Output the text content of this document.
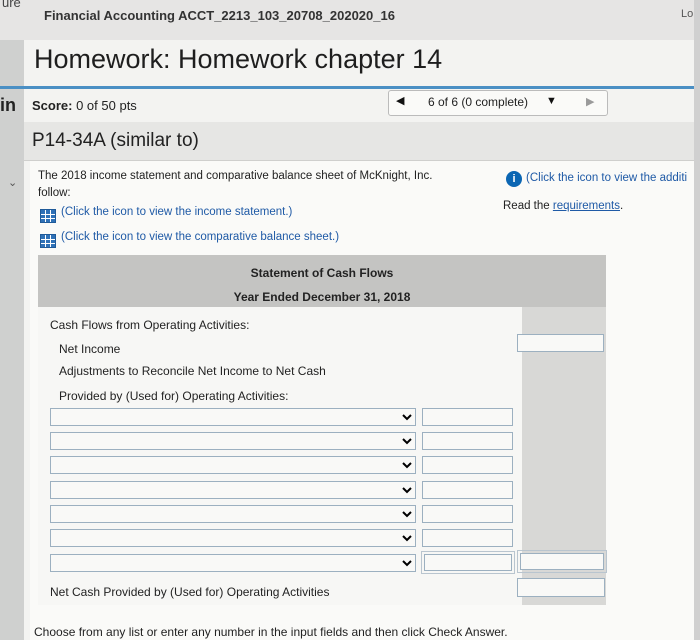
ure
Lo
Financial Accounting ACCT_2213_103_20708_202020_16
Homework: Homework chapter 14
in Score: 0 of 50 pts	◀ 6 of 6 (0 complete) ▼	▶
P14-34A (similar to)
⌄
The 2018 income statement and comparative balance sheet of McKnight, Inc.
follow:
(Click the icon to view the income statement.)
(Click the icon to view the comparative balance sheet.)
i (Click the icon to view the additi
Read the requirements.
Statement of Cash Flows
Year Ended December 31, 2018
Cash Flows from Operating Activities:
Net Income
Adjustments to Reconcile Net Income to Net Cash
Provided by (Used for) Operating Activities:
Net Cash Provided by (Used for) Operating Activities
Choose from any list or enter any number in the input fields and then click Check Answer.
